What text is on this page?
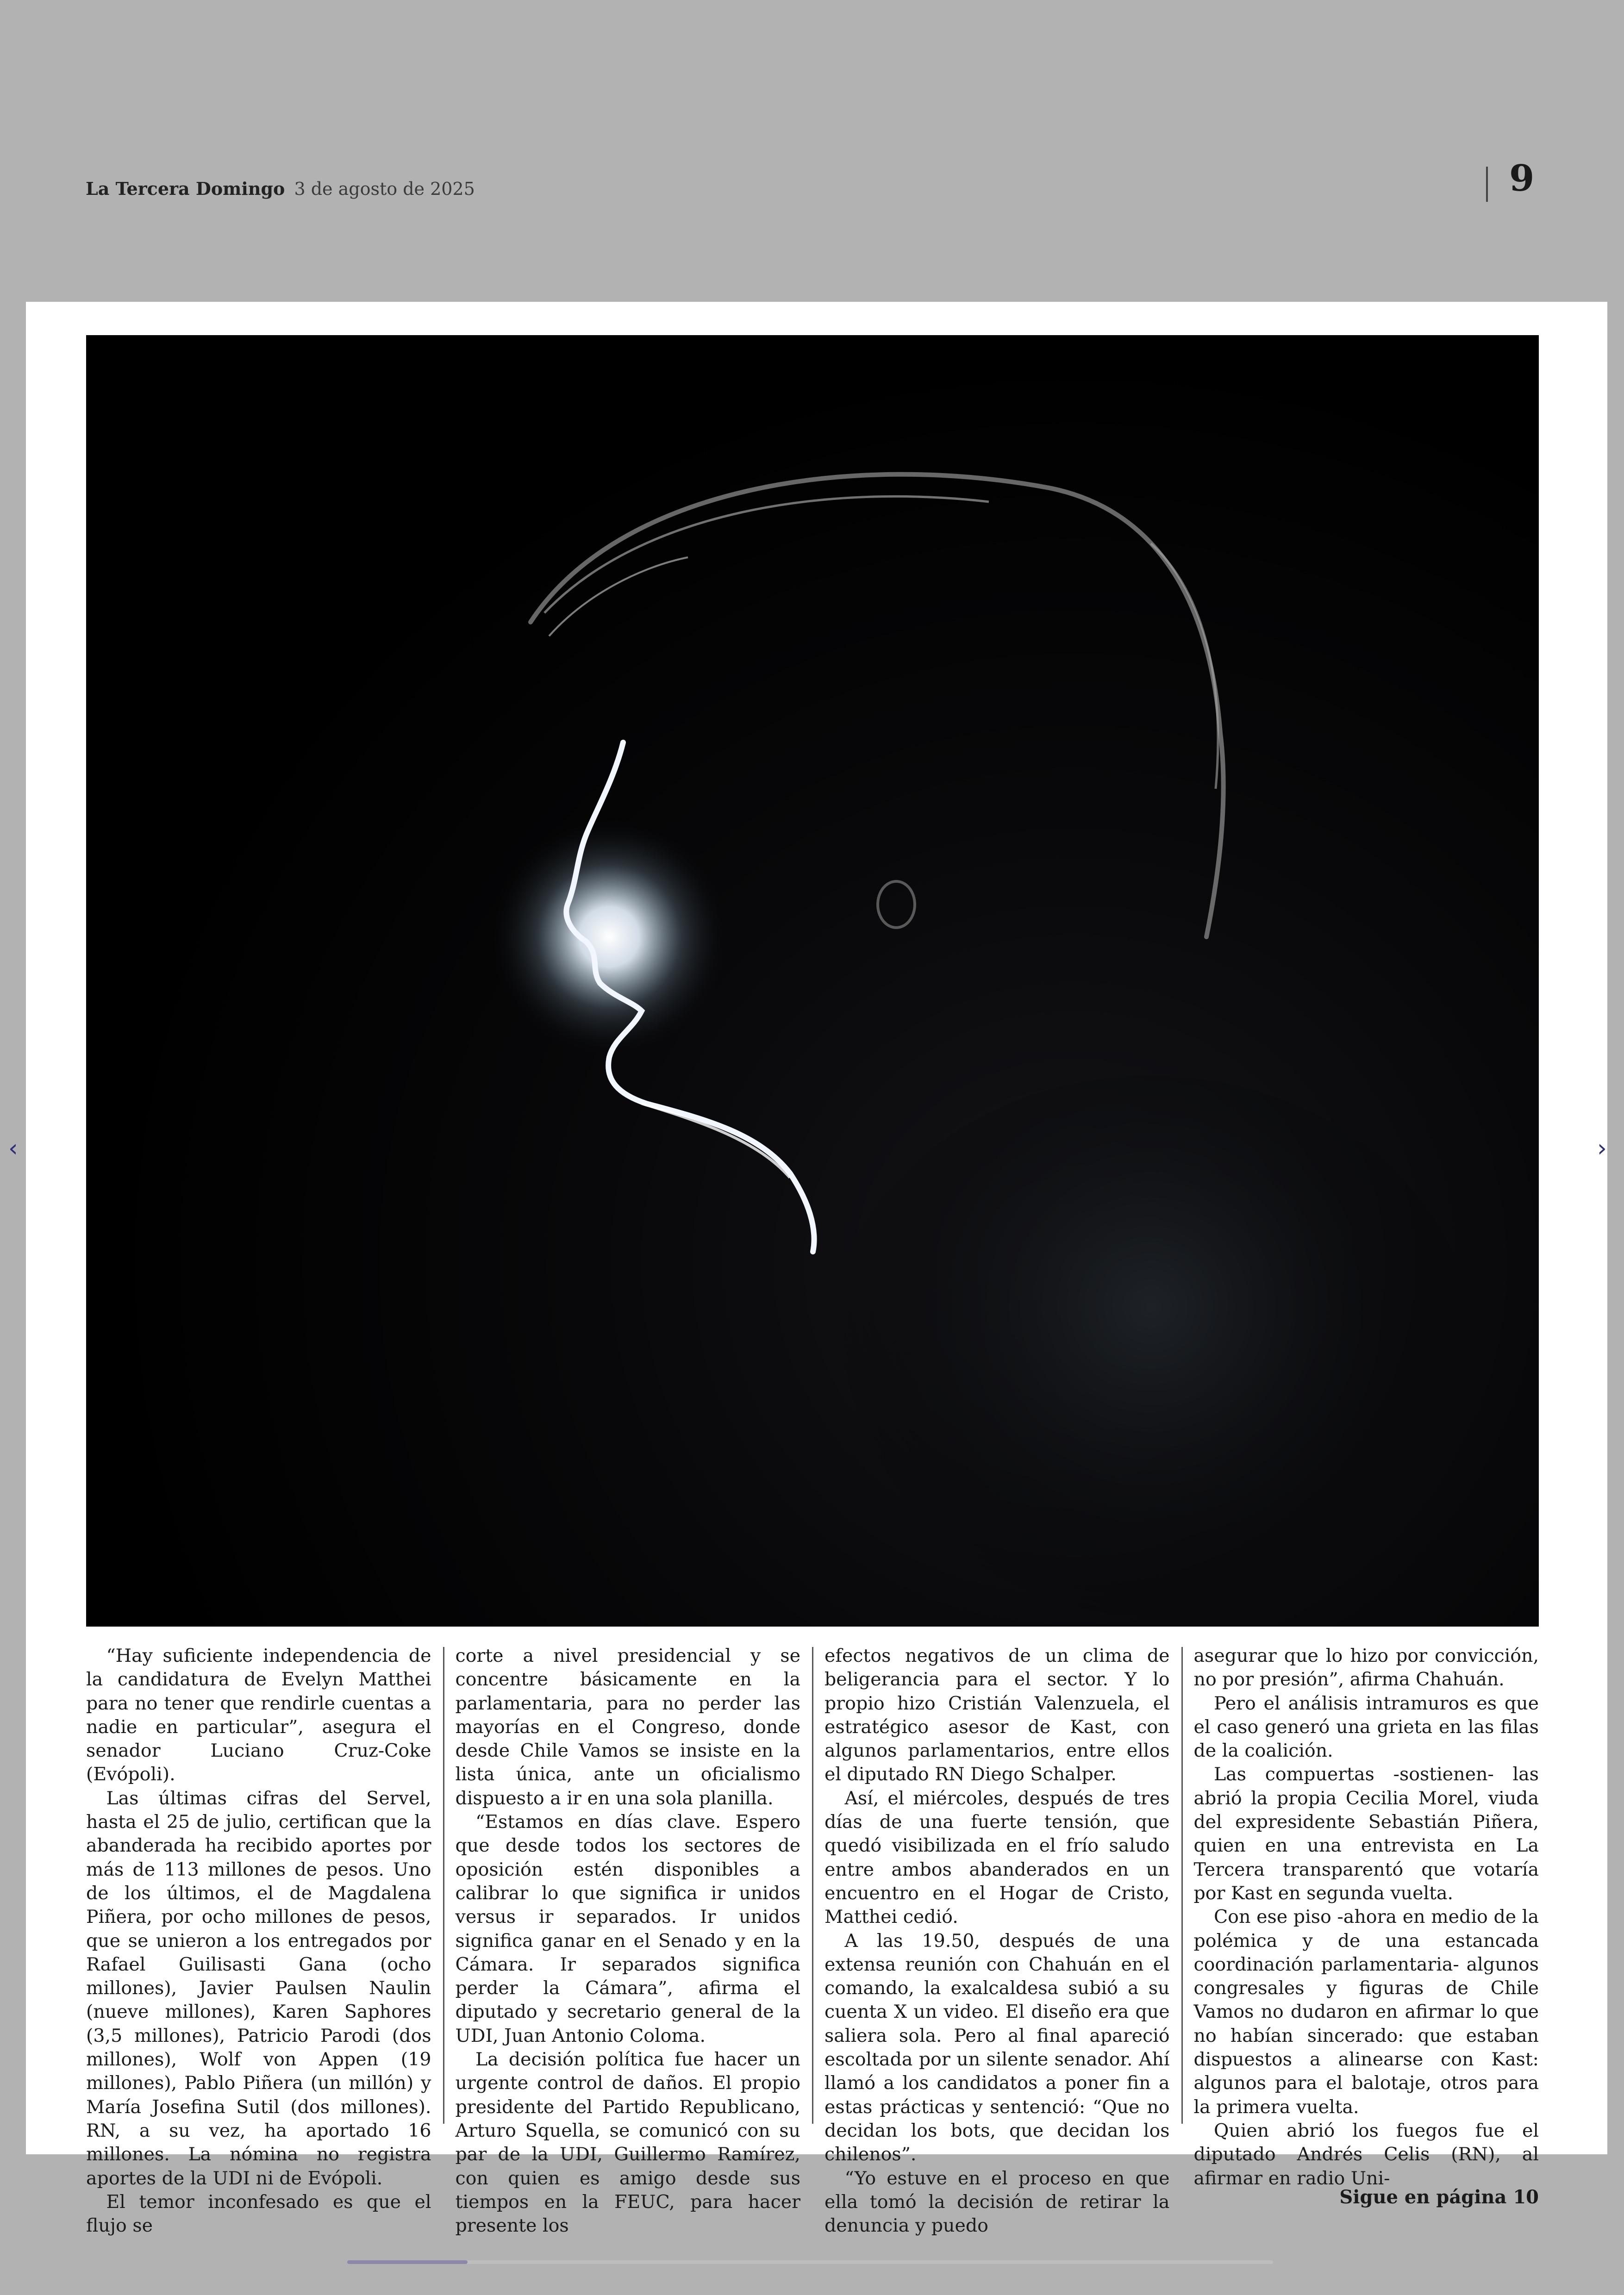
La Tercera Domingo 3 de agosto de 2025	9

“Hay suficiente independencia de la candidatura de Evelyn Matthei para no tener que rendirle cuentas a nadie en particular”, asegura el senador Luciano Cruz-Coke (Evópoli).

Las últimas cifras del Servel, hasta el 25 de julio, certifican que la abanderada ha recibido aportes por más de 113 millones de pesos. Uno de los últimos, el de Magdalena Piñera, por ocho millones de pesos, que se unieron a los entregados por Rafael Guilisasti Gana (ocho millones), Javier Paulsen Naulin (nueve millones), Karen Saphores (3,5 millones), Patricio Parodi (dos millones), Wolf von Appen (19 millones), Pablo Piñera (un millón) y María Josefina Sutil (dos millones). RN, a su vez, ha aportado 16 millones. La nómina no registra aportes de la UDI ni de Evópoli.

El temor inconfesado es que el flujo se

corte a nivel presidencial y se concentre básicamente en la parlamentaria, para no perder las mayorías en el Congreso, donde desde Chile Vamos se insiste en la lista única, ante un oficialismo dispuesto a ir en una sola planilla.

“Estamos en días clave. Espero que desde todos los sectores de oposición estén disponibles a calibrar lo que significa ir unidos versus ir separados. Ir unidos significa ganar en el Senado y en la Cámara. Ir separados significa perder la Cámara”, afirma el diputado y secretario general de la UDI, Juan Antonio Coloma.

La decisión política fue hacer un urgente control de daños. El propio presidente del Partido Republicano, Arturo Squella, se comunicó con su par de la UDI, Guillermo Ramírez, con quien es amigo desde sus tiempos en la FEUC, para hacer presente los

efectos negativos de un clima de beligerancia para el sector. Y lo propio hizo Cristián Valenzuela, el estratégico asesor de Kast, con algunos parlamentarios, entre ellos el diputado RN Diego Schalper.

Así, el miércoles, después de tres días de una fuerte tensión, que quedó visibilizada en el frío saludo entre ambos abanderados en un encuentro en el Hogar de Cristo, Matthei cedió.

A las 19.50, después de una extensa reunión con Chahuán en el comando, la exalcaldesa subió a su cuenta X un video. El diseño era que saliera sola. Pero al final apareció escoltada por un silente senador. Ahí llamó a los candidatos a poner fin a estas prácticas y sentenció: “Que no decidan los bots, que decidan los chilenos”.

“Yo estuve en el proceso en que ella tomó la decisión de retirar la denuncia y puedo

asegurar que lo hizo por convicción, no por presión”, afirma Chahuán.

Pero el análisis intramuros es que el caso generó una grieta en las filas de la coalición.

Las compuertas -sostienen- las abrió la propia Cecilia Morel, viuda del expresidente Sebastián Piñera, quien en una entrevista en La Tercera transparentó que votaría por Kast en segunda vuelta.

Con ese piso -ahora en medio de la polémica y de una estancada coordinación parlamentaria- algunos congresales y figuras de Chile Vamos no dudaron en afirmar lo que no habían sincerado: que estaban dispuestos a alinearse con Kast: algunos para el balotaje, otros para la primera vuelta.

Quien abrió los fuegos fue el diputado Andrés Celis (RN), al afirmar en radio Uni-

Sigue en página 10
‹	›
